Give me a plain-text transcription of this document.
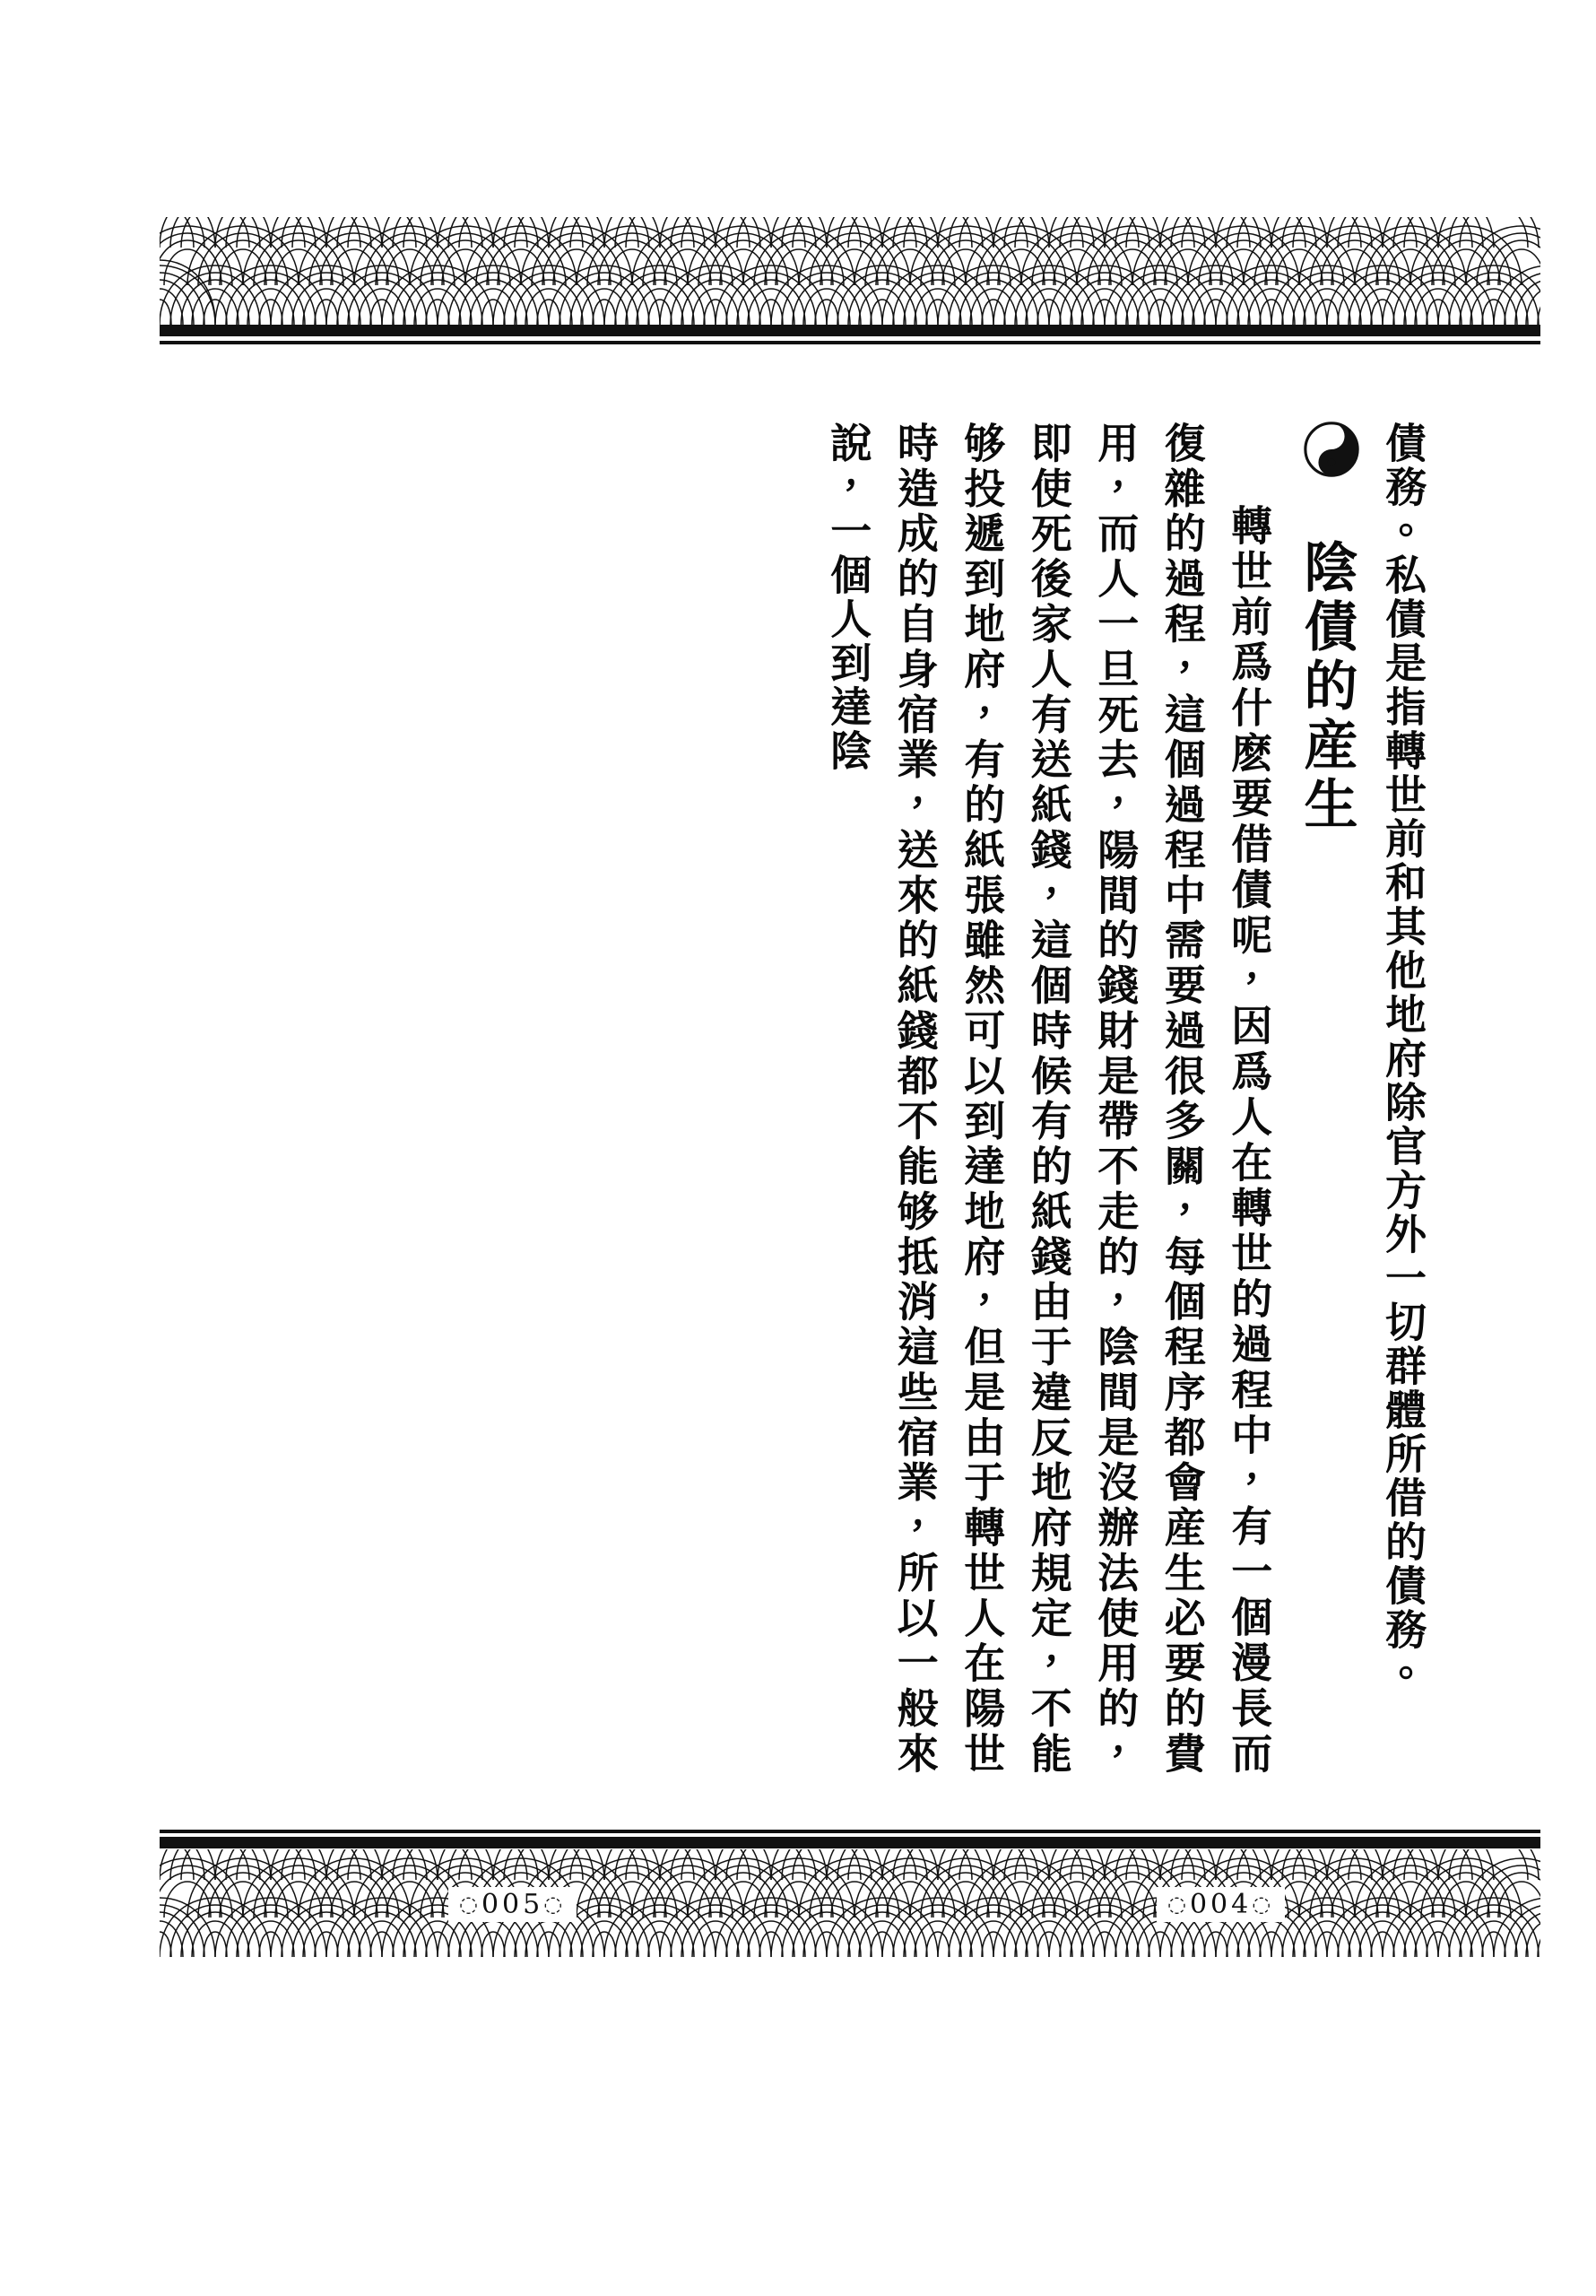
債務。私債是指轉世前和其他地府除官方外一切群體所借的債務。

陰債的産生

轉世前爲什麽要借債呢，因爲人在轉世的過程中，有一個漫長而復雜的過程，這個過程中需要過很多關，每個程序都會産生必要的費用，而人一旦死去，陽間的錢財是帶不走的，陰間是沒辦法使用的，即使死後家人有送紙錢，這個時候有的紙錢由于違反地府規定，不能够投遞到地府，有的紙張雖然可以到達地府，但是由于轉世人在陽世時造成的自身宿業，送來的紙錢都不能够抵消這些宿業，所以一般來說，一個人到達陰

◌005◌	◌004◌
